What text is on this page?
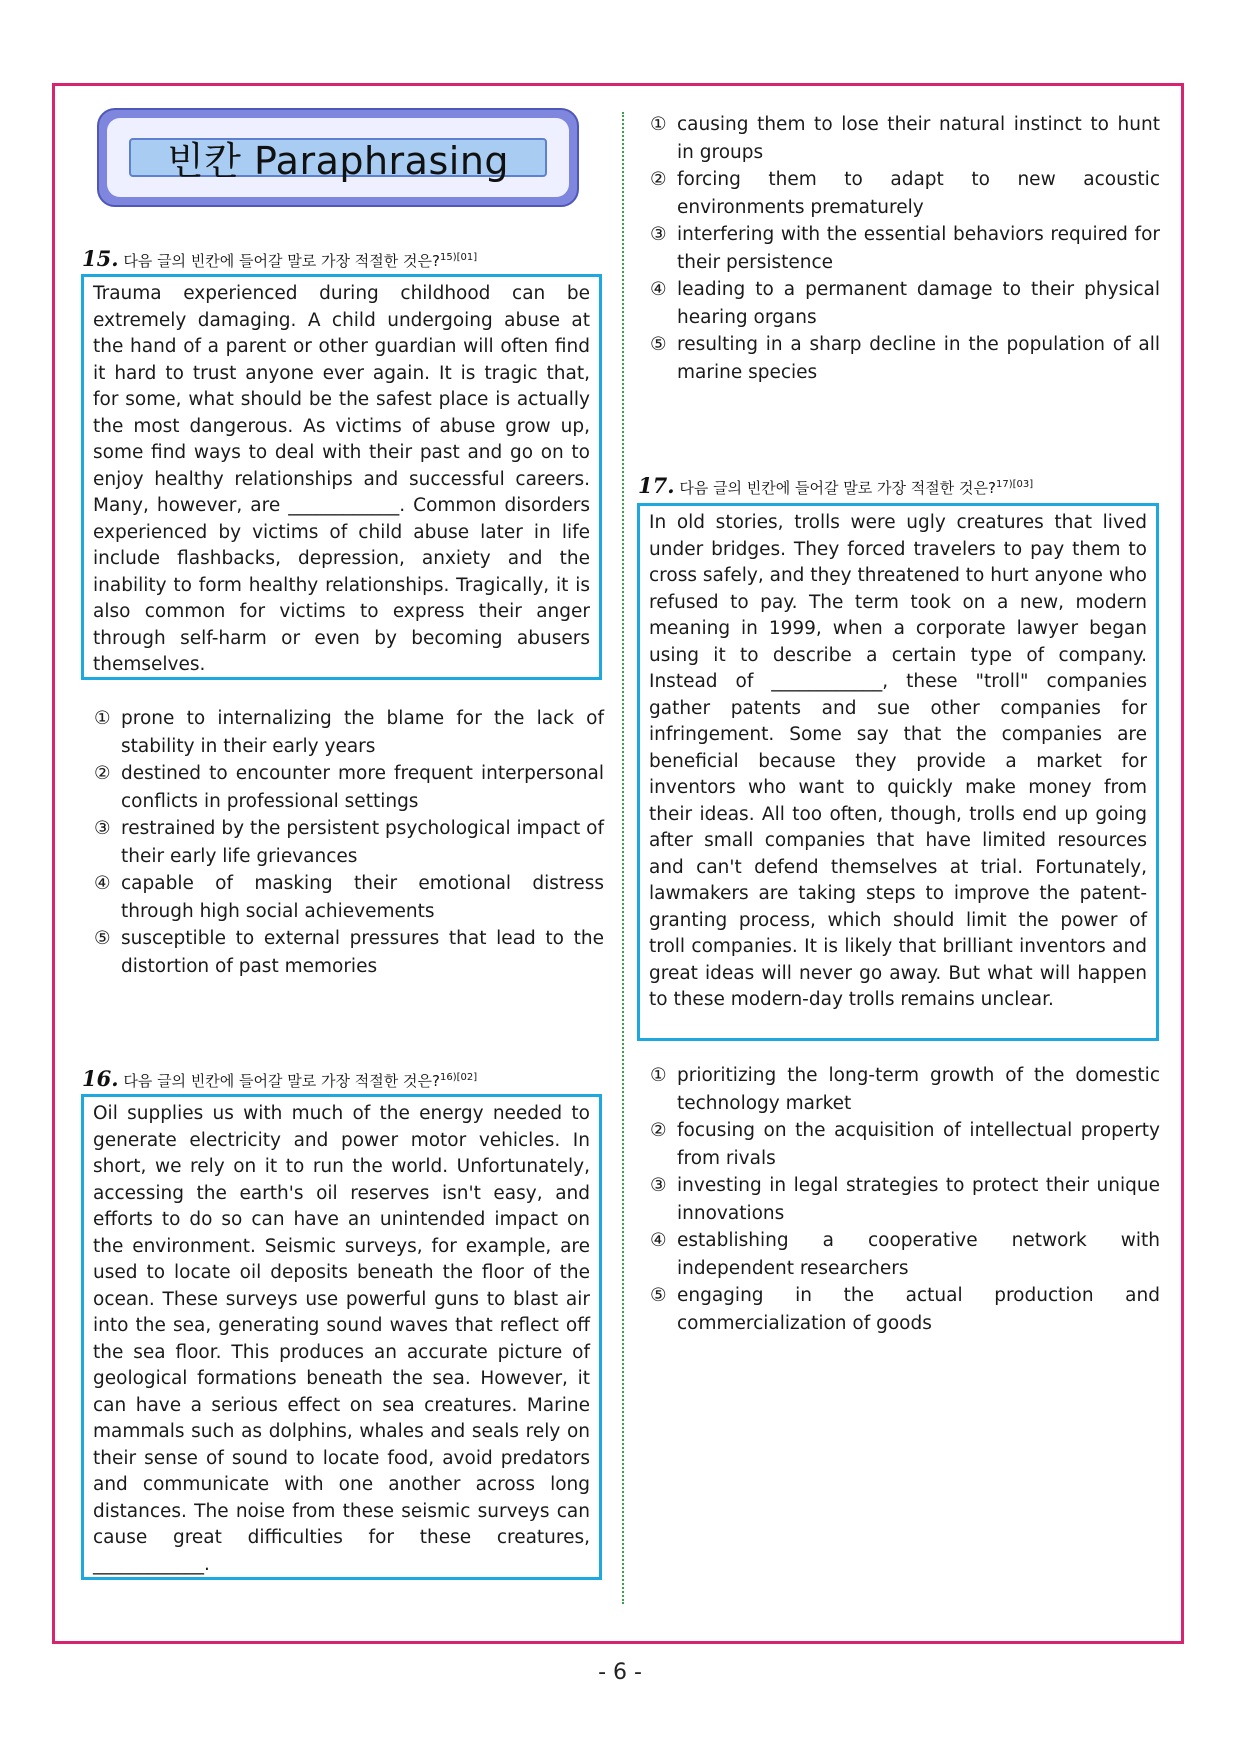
빈칸 Paraphrasing
15. 다음 글의 빈칸에 들어갈 말로 가장 적절한 것은?$^{15)[01]}$
Trauma experienced during childhood can be extremely damaging. A child undergoing abuse at the hand of a parent or other guardian will often find it hard to trust anyone ever again. It is tragic that, for some, what should be the safest place is actually the most dangerous. As victims of abuse grow up, some find ways to deal with their past and go on to enjoy healthy relationships and successful careers. Many, however, are ____________. Common disorders experienced by victims of child abuse later in life include flashbacks, depression, anxiety and the inability to form healthy relationships. Tragically, it is also common for victims to express their anger through self-harm or even by becoming abusers themselves.
① prone to internalizing the blame for the lack of stability in their early years
② destined to encounter more frequent interpersonal conflicts in professional settings
③ restrained by the persistent psychological impact of their early life grievances
④ capable of masking their emotional distress through high social achievements
⑤ susceptible to external pressures that lead to the distortion of past memories
16. 다음 글의 빈칸에 들어갈 말로 가장 적절한 것은?$^{16)[02]}$
Oil supplies us with much of the energy needed to generate electricity and power motor vehicles. In short, we rely on it to run the world. Unfortunately, accessing the earth's oil reserves isn't easy, and efforts to do so can have an unintended impact on the environment. Seismic surveys, for example, are used to locate oil deposits beneath the floor of the ocean. These surveys use powerful guns to blast air into the sea, generating sound waves that reflect off the sea floor. This produces an accurate picture of geological formations beneath the sea. However, it can have a serious effect on sea creatures. Marine mammals such as dolphins, whales and seals rely on their sense of sound to locate food, avoid predators and communicate with one another across long distances. The noise from these seismic surveys can cause great difficulties for these creatures, ____________.
① causing them to lose their natural instinct to hunt in groups
② forcing them to adapt to new acoustic environments prematurely
③ interfering with the essential behaviors required for their persistence
④ leading to a permanent damage to their physical hearing organs
⑤ resulting in a sharp decline in the population of all marine species
17. 다음 글의 빈칸에 들어갈 말로 가장 적절한 것은?$^{17)[03]}$
In old stories, trolls were ugly creatures that lived under bridges. They forced travelers to pay them to cross safely, and they threatened to hurt anyone who refused to pay. The term took on a new, modern meaning in 1999, when a corporate lawyer began using it to describe a certain type of company. Instead of ____________, these "troll" companies gather patents and sue other companies for infringement. Some say that the companies are beneficial because they provide a market for inventors who want to quickly make money from their ideas. All too often, though, trolls end up going after small companies that have limited resources and can't defend themselves at trial. Fortunately, lawmakers are taking steps to improve the patent-granting process, which should limit the power of troll companies. It is likely that brilliant inventors and great ideas will never go away. But what will happen to these modern-day trolls remains unclear.
① prioritizing the long-term growth of the domestic technology market
② focusing on the acquisition of intellectual property from rivals
③ investing in legal strategies to protect their unique innovations
④ establishing a cooperative network with independent researchers
⑤ engaging in the actual production and commercialization of goods
- 6 -
